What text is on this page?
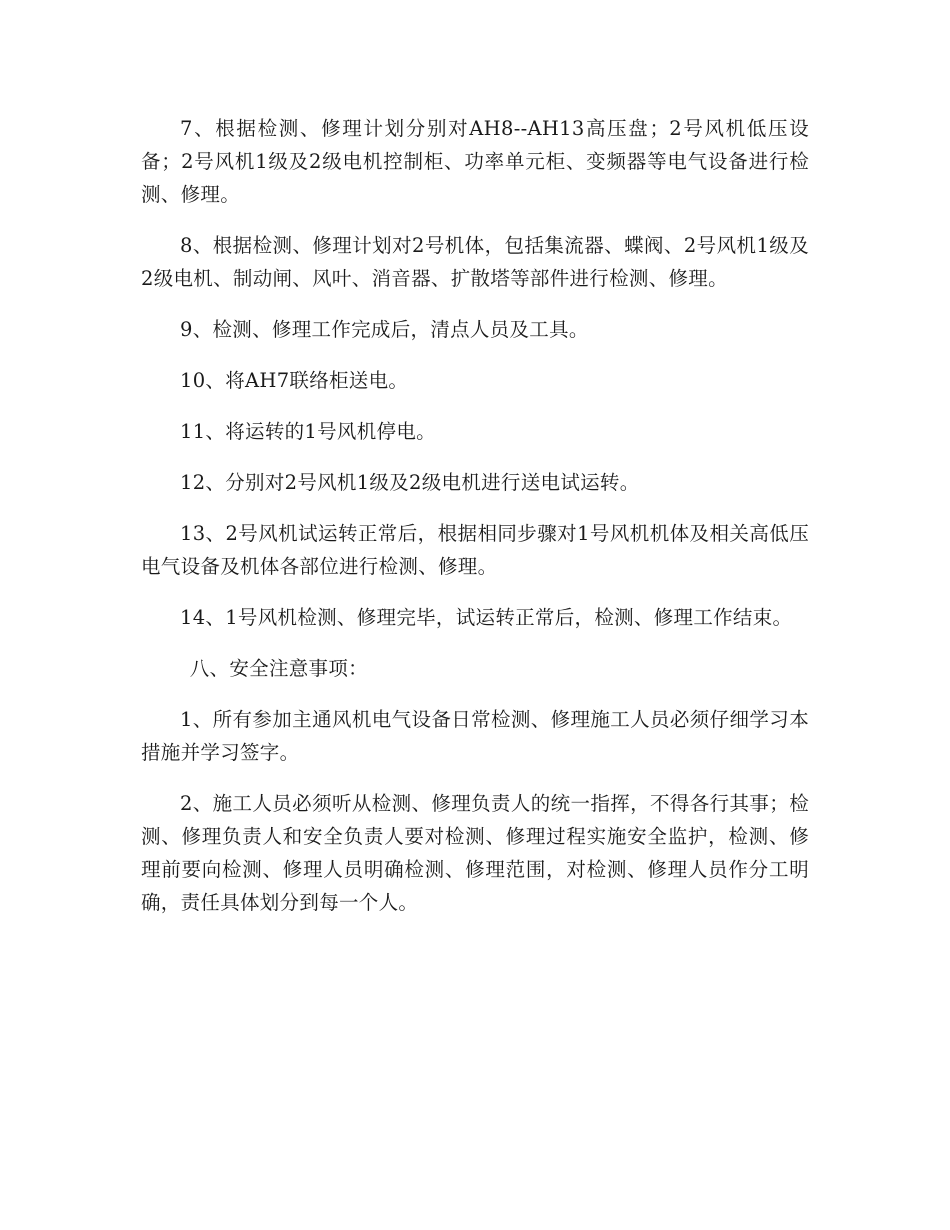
7、根据检测、修理计划分别对AH8--AH13高压盘；2号风机低压设备；2号风机1级及2级电机控制柜、功率单元柜、变频器等电气设备进行检测、修理。

8、根据检测、修理计划对2号机体，包括集流器、蝶阀、2号风机1级及2级电机、制动闸、风叶、消音器、扩散塔等部件进行检测、修理。

9、检测、修理工作完成后，清点人员及工具。

10、将AH7联络柜送电。

11、将运转的1号风机停电。

12、分别对2号风机1级及2级电机进行送电试运转。

13、2号风机试运转正常后，根据相同步骤对1号风机机体及相关高低压电气设备及机体各部位进行检测、修理。

14、1号风机检测、修理完毕，试运转正常后，检测、修理工作结束。

八、安全注意事项：

1、所有参加主通风机电气设备日常检测、修理施工人员必须仔细学习本措施并学习签字。

2、施工人员必须听从检测、修理负责人的统一指挥，不得各行其事；检测、修理负责人和安全负责人要对检测、修理过程实施安全监护，检测、修理前要向检测、修理人员明确检测、修理范围，对检测、修理人员作分工明确，责任具体划分到每一个人。
